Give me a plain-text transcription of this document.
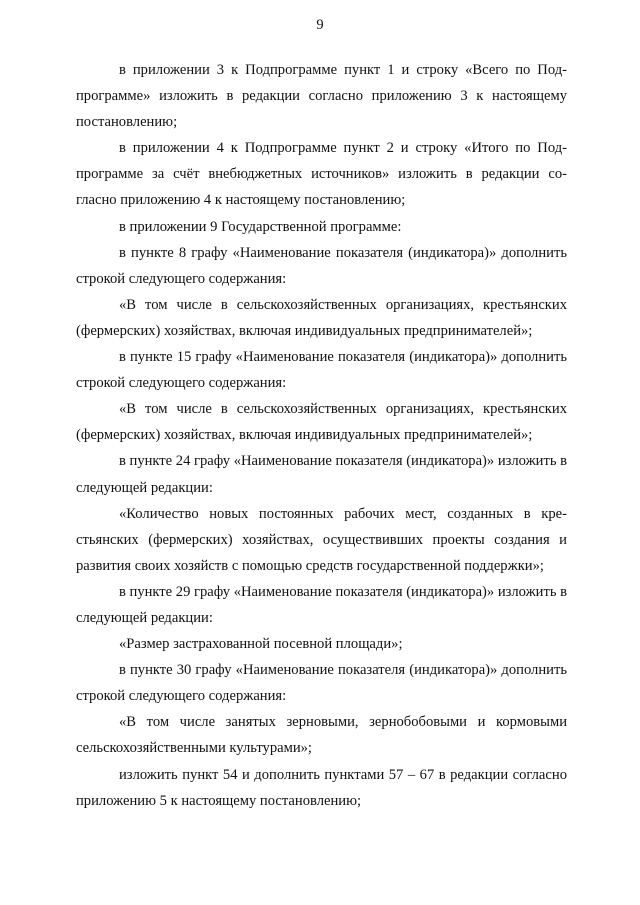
9
в приложении 3 к Подпрограмме пункт 1 и строку «Всего по Под-
программе» изложить в редакции согласно приложению 3 к настоящему
постановлению;
в приложении 4 к Подпрограмме пункт 2 и строку «Итого по Под-
программе за счёт внебюджетных источников» изложить в редакции со-
гласно приложению 4 к настоящему постановлению;
в приложении 9 Государственной программе:
в пункте 8 графу «Наименование показателя (индикатора)» дополнить
строкой следующего содержания:
«В том числе в сельскохозяйственных организациях, крестьянских
(фермерских) хозяйствах, включая индивидуальных предпринимателей»;
в пункте 15 графу «Наименование показателя (индикатора)» дополнить
строкой следующего содержания:
«В том числе в сельскохозяйственных организациях, крестьянских
(фермерских) хозяйствах, включая индивидуальных предпринимателей»;
в пункте 24 графу «Наименование показателя (индикатора)» изложить в
следующей редакции:
«Количество новых постоянных рабочих мест, созданных в кре-
стьянских (фермерских) хозяйствах, осуществивших проекты создания и
развития своих хозяйств с помощью средств государственной поддержки»;
в пункте 29 графу «Наименование показателя (индикатора)» изложить в
следующей редакции:
«Размер застрахованной посевной площади»;
в пункте 30 графу «Наименование показателя (индикатора)» дополнить
строкой следующего содержания:
«В том числе занятых зерновыми, зернобобовыми и кормовыми
сельскохозяйственными культурами»;
изложить пункт 54 и дополнить пунктами 57 – 67 в редакции согласно
приложению 5 к настоящему постановлению;
